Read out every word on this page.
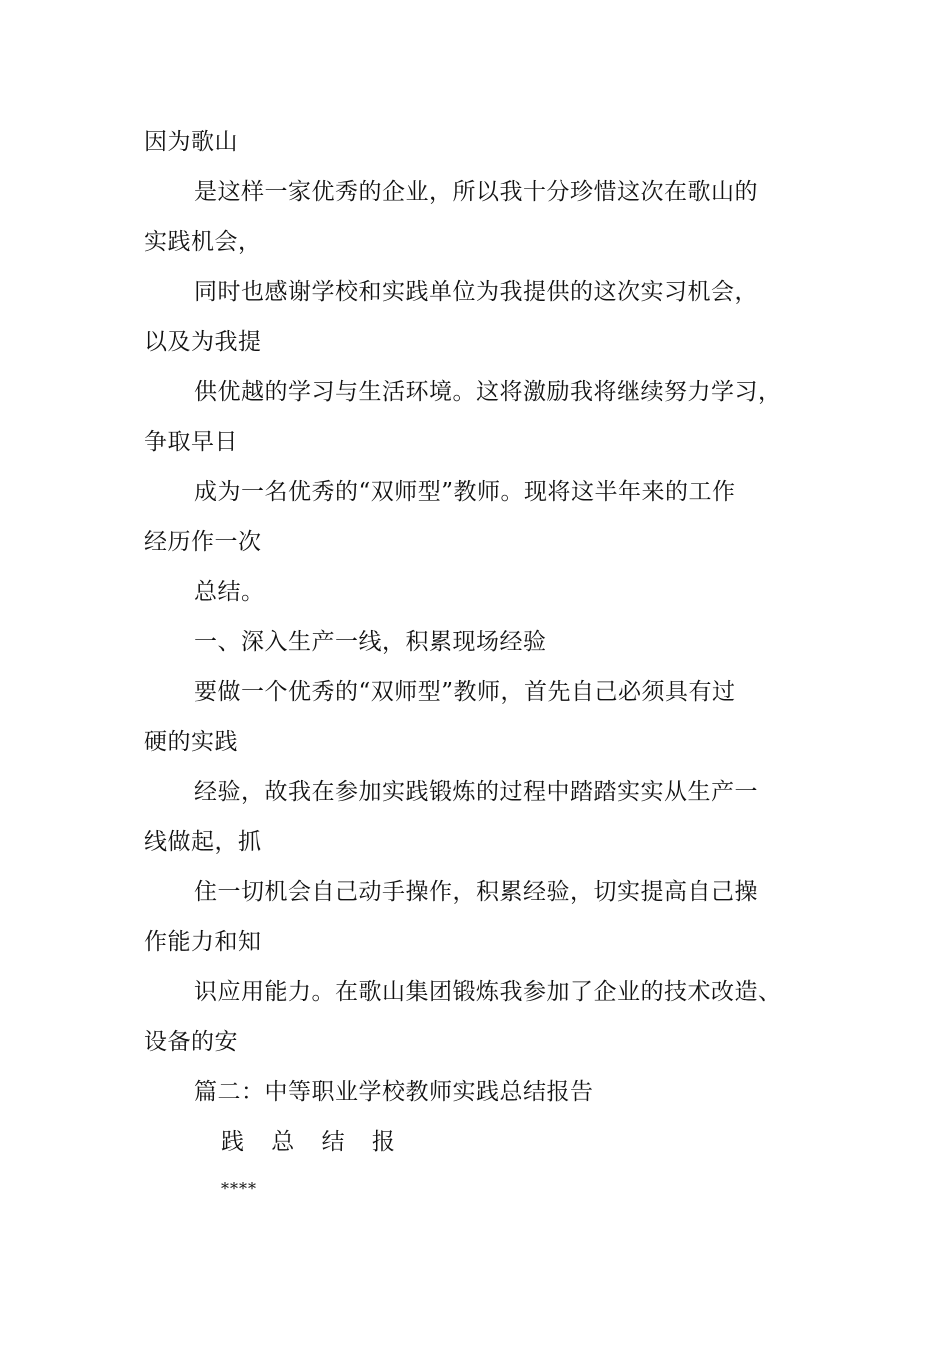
因为歌山
是这样一家优秀的企业，所以我十分珍惜这次在歌山的
实践机会，
同时也感谢学校和实践单位为我提供的这次实习机会，
以及为我提
供优越的学习与生活环境。这将激励我将继续努力学习，
争取早日
成为一名优秀的“双师型”教师。现将这半年来的工作
经历作一次
总结。
一、深入生产一线，积累现场经验
要做一个优秀的“双师型”教师，首先自己必须具有过
硬的实践
经验，故我在参加实践锻炼的过程中踏踏实实从生产一
线做起，抓
住一切机会自己动手操作，积累经验，切实提高自己操
作能力和知
识应用能力。在歌山集团锻炼我参加了企业的技术改造、
设备的安
篇二：中等职业学校教师实践总结报告
践 总 结 报
****
